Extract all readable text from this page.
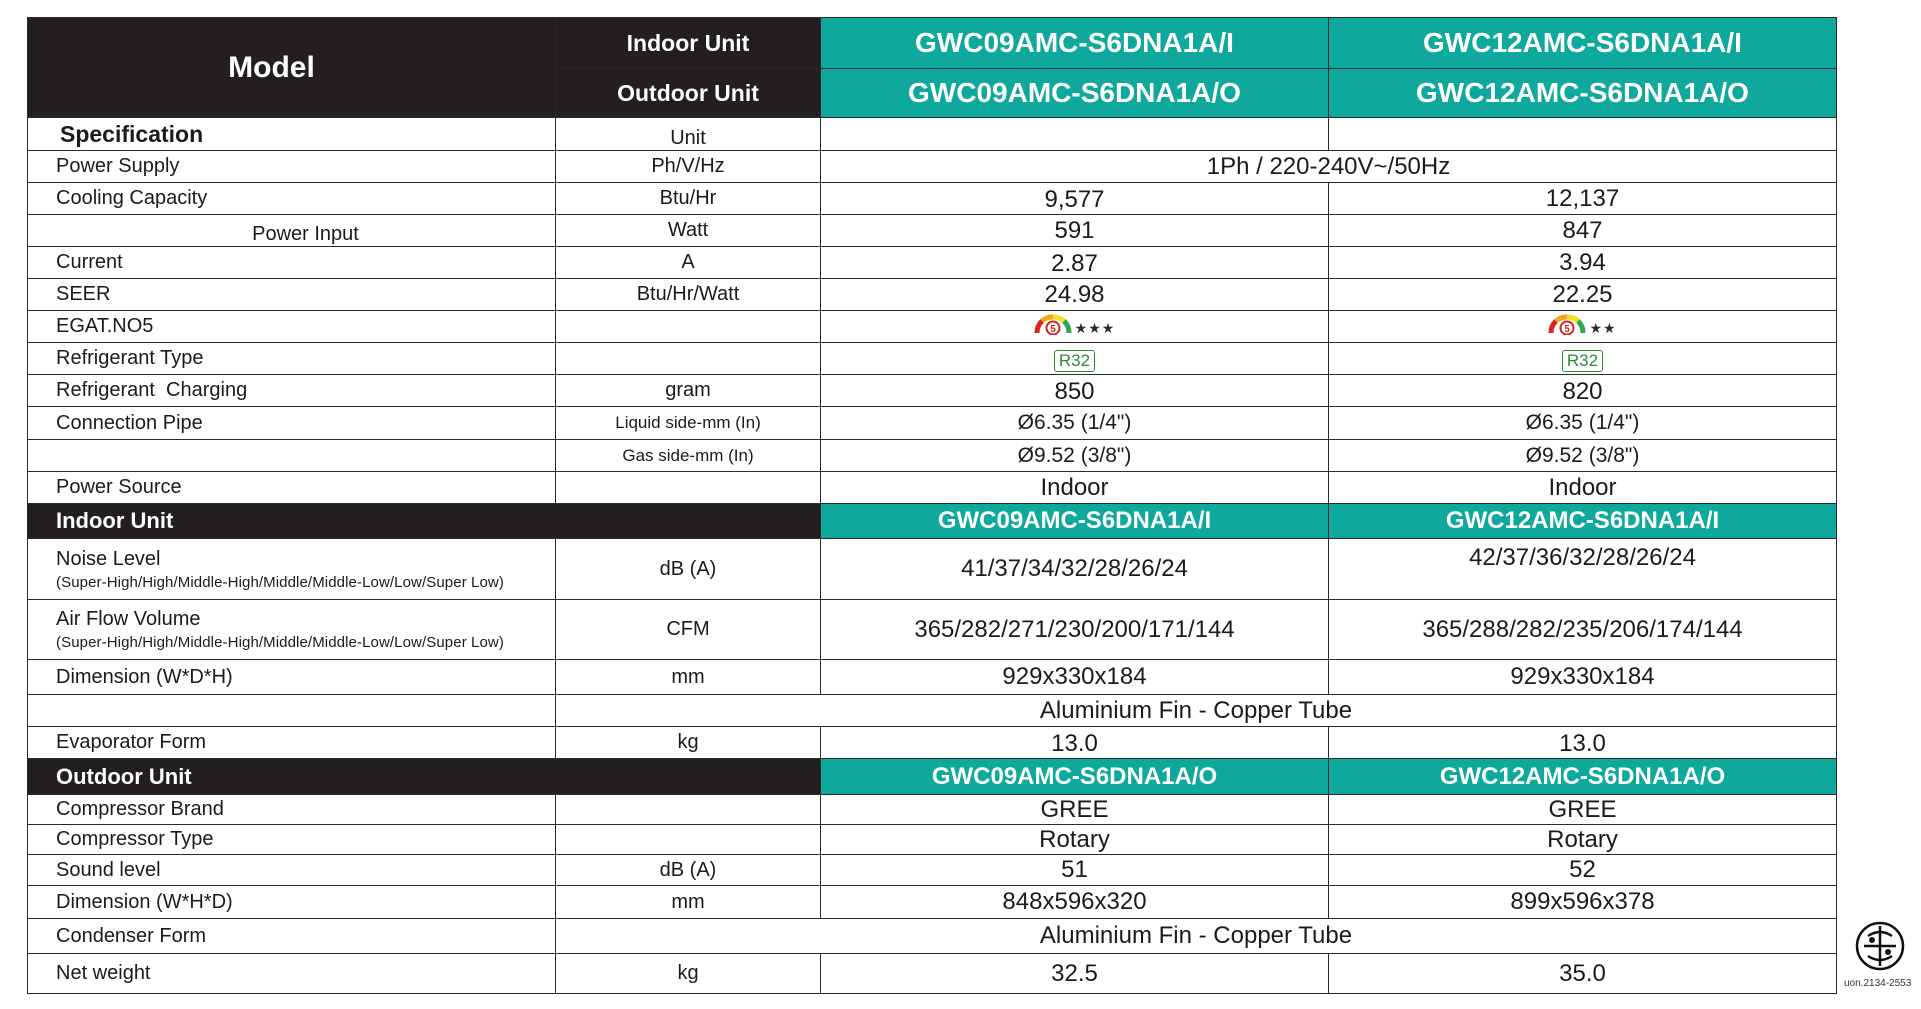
Model	Indoor Unit	GWC09AMC-S6DNA1A/I	GWC12AMC-S6DNA1A/I
	Outdoor Unit	GWC09AMC-S6DNA1A/O	GWC12AMC-S6DNA1A/O
Specification	Unit		
Power Supply	Ph/V/Hz	1Ph / 220-240V~/50Hz	
Cooling Capacity	Btu/Hr	9,577	12,137
Power Input	Watt	591	847
Current	A	2.87	3.94
SEER	Btu/Hr/Watt	24.98	22.25
EGAT.NO5		5 ★★★	5 ★★

Refrigerant Type		R32	R32
Refrigerant  Charging	gram	850	820
Connection Pipe	Liquid side-mm (In)	Ø6.35 (1/4")	Ø6.35 (1/4")
	Gas side-mm (In)	Ø9.52 (3/8")	Ø9.52 (3/8")
Power Source		Indoor	Indoor
Indoor Unit		GWC09AMC-S6DNA1A/I	GWC12AMC-S6DNA1A/I
Noise Level
(Super-High/High/Middle-High/Middle/Middle-Low/Low/Super Low)	dB (A)	41/37/34/32/28/26/24	42/37/36/32/28/26/24
Air Flow Volume
(Super-High/High/Middle-High/Middle/Middle-Low/Low/Super Low)	CFM	365/282/271/230/200/171/144	365/288/282/235/206/174/144
Dimension (W*D*H)	mm	929x330x184	929x330x184
	Aluminium Fin - Copper Tube		
Evaporator Form	kg	13.0	13.0
Outdoor Unit		GWC09AMC-S6DNA1A/O	GWC12AMC-S6DNA1A/O
Compressor Brand		GREE	GREE
Compressor Type		Rotary	Rotary
Sound level	dB (A)	51	52
Dimension (W*H*D)	mm	848x596x320	899x596x378
Condenser Form	Aluminium Fin - Copper Tube		
Net weight	kg	32.5	35.0	uon.2134-2553
